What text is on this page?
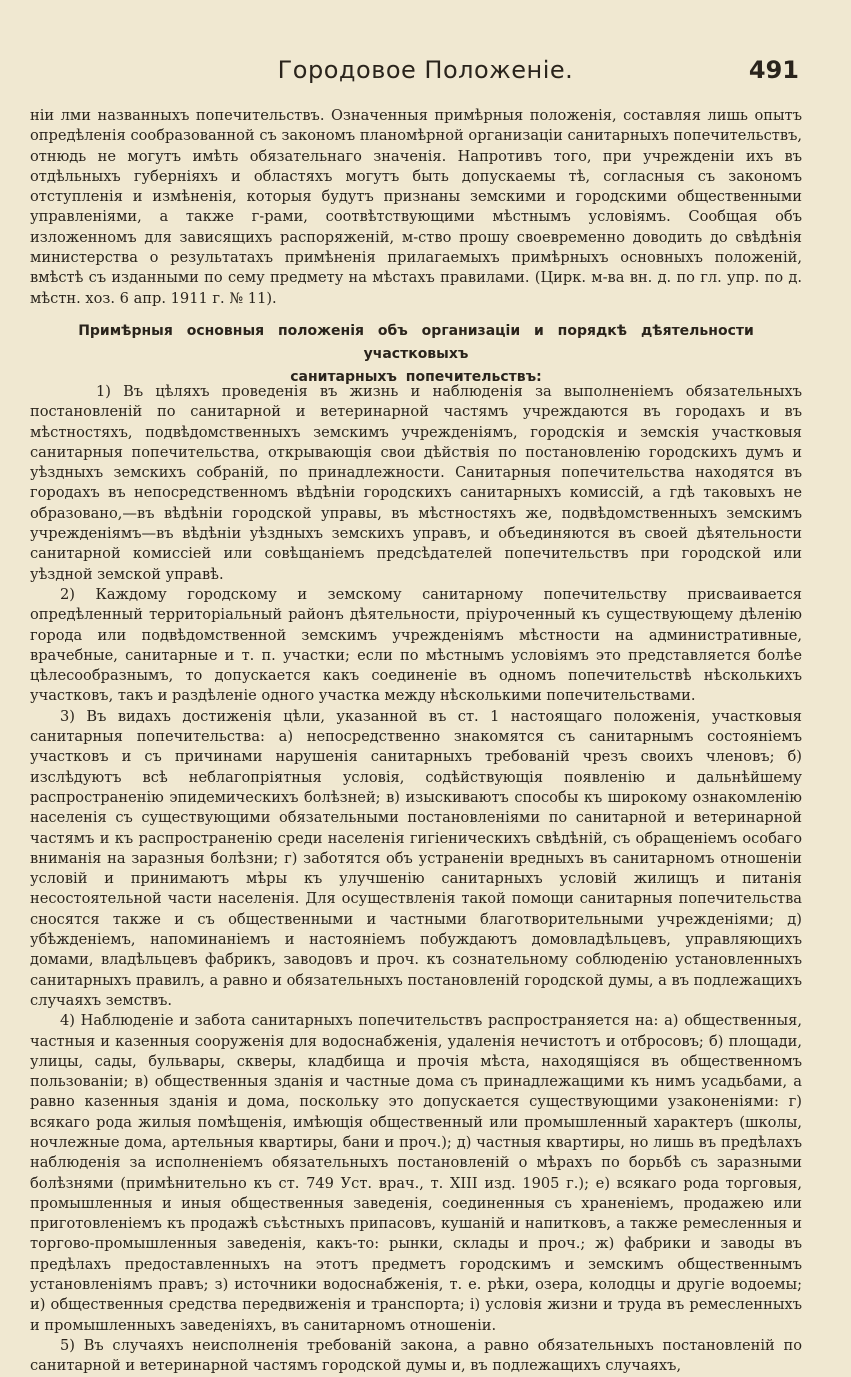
Городовое Положеніе.	491

ніи лми названныхъ попечительствъ. Означенныя примѣрныя положенія, составляя лишь опытъ опредѣленія сообразованной съ закономъ планомѣрной организаціи санитарныхъ попечительствъ, отнюдь не могутъ имѣть обязательнаго значенія. Напротивъ того, при учрежденіи ихъ въ отдѣльныхъ губерніяхъ и областяхъ могутъ быть допускаемы тѣ, согласныя съ закономъ отступленія и измѣненія, которыя будутъ признаны земскими и городскими общественными управленіями, а также г-рами, соотвѣтствующими мѣстнымъ условіямъ. Сообщая объ изложенномъ для зависящихъ распоряженій, м-ство прошу своевременно доводить до свѣдѣнія министерства о результатахъ примѣненія прилагаемыхъ примѣрныхъ основныхъ положеній, вмѣстѣ съ изданными по сему предмету на мѣстахъ правилами. (Цирк. м-ва вн. д. по гл. упр. по д. мѣстн. хоз. 6 апр. 1911 г. № 11).

Примѣрныя основныя положенія объ организаціи и порядкѣ дѣятельности участковыхъ
санитарныхъ попечительствъ:

1) Въ цѣляхъ проведенія въ жизнь и наблюденія за выполненіемъ обязательныхъ постановленій по санитарной и ветеринарной частямъ учреждаются въ городахъ и въ мѣстностяхъ, подвѣдомственныхъ земскимъ учрежденіямъ, городскія и земскія участковыя санитарныя попечительства, открывающія свои дѣйствія по постановленію городскихъ думъ и уѣздныхъ земскихъ собраній, по принадлежности. Санитарныя попечительства находятся въ городахъ въ непосредственномъ вѣдѣніи городскихъ санитарныхъ комиссій, а гдѣ таковыхъ не образовано,—въ вѣдѣніи городской управы, въ мѣстностяхъ же, подвѣдомственныхъ земскимъ учрежденіямъ—въ вѣдѣніи уѣздныхъ земскихъ управъ, и объединяются въ своей дѣятельности санитарной комиссіей или совѣщаніемъ предсѣдателей попечительствъ при городской или уѣздной земской управѣ.

2) Каждому городскому и земскому санитарному попечительству присваивается опредѣленный территоріальный районъ дѣятельности, пріуроченный къ существующему дѣленію города или подвѣдомственной земскимъ учрежденіямъ мѣстности на административные, врачебные, санитарные и т. п. участки; если по мѣстнымъ условіямъ это представляется болѣе цѣлесообразнымъ, то допускается какъ соединеніе въ одномъ попечительствѣ нѣсколькихъ участковъ, такъ и раздѣленіе одного участка между нѣсколькими попечительствами.

3) Въ видахъ достиженія цѣли, указанной въ ст. 1 настоящаго положенія, участковыя санитарныя попечительства: а) непосредственно знакомятся съ санитарнымъ состояніемъ участковъ и съ причинами нарушенія санитарныхъ требованій чрезъ своихъ членовъ; б) изслѣдуютъ всѣ неблагопріятныя условія, содѣйствующія появленію и дальнѣйшему распространенію эпидемическихъ болѣзней; в) изыскиваютъ способы къ широкому ознакомленію населенія съ существующими обязательными постановленіями по санитарной и ветеринарной частямъ и къ распространенію среди населенія гигіеническихъ свѣдѣній, съ обращеніемъ особаго вниманія на заразныя болѣзни; г) заботятся объ устраненіи вредныхъ въ санитарномъ отношеніи условій и принимаютъ мѣры къ улучшенію санитарныхъ условій жилищъ и питанія несостоятельной части населенія. Для осуществленія такой помощи санитарныя попечительства сносятся также и съ общественными и частными благотворительными учрежденіями; д) убѣжденіемъ, напоминаніемъ и настояніемъ побуждаютъ домовладѣльцевъ, управляющихъ домами, владѣльцевъ фабрикъ, заводовъ и проч. къ сознательному соблюденію установленныхъ санитарныхъ правилъ, а равно и обязательныхъ постановленій городской думы, а въ подлежащихъ случаяхъ земствъ.

4) Наблюденіе и забота санитарныхъ попечительствъ распространяется на: а) общественныя, частныя и казенныя сооруженія для водоснабженія, удаленія нечистотъ и отбросовъ; б) площади, улицы, сады, бульвары, скверы, кладбища и прочія мѣста, находящіяся въ общественномъ пользованіи; в) общественныя зданія и частные дома съ принадлежащими къ нимъ усадьбами, а равно казенныя зданія и дома, поскольку это допускается существующими узаконеніями: г) всякаго рода жилыя помѣщенія, имѣющія общественный или промышленный характеръ (школы, ночлежные дома, артельныя квартиры, бани и проч.); д) частныя квартиры, но лишь въ предѣлахъ наблюденія за исполненіемъ обязательныхъ постановленій о мѣрахъ по борьбѣ съ заразными болѣзнями (примѣнительно къ ст. 749 Уст. врач., т. XIII изд. 1905 г.); е) всякаго рода торговыя, промышленныя и иныя общественныя заведенія, соединенныя съ храненіемъ, продажею или приготовленіемъ къ продажѣ съѣстныхъ припасовъ, кушаній и напитковъ, а также ремесленныя и торгово-промышленныя заведенія, какъ-то: рынки, склады и проч.; ж) фабрики и заводы въ предѣлахъ предоставленныхъ на этотъ предметъ городскимъ и земскимъ общественнымъ установленіямъ правъ; з) источники водоснабженія, т. е. рѣки, озера, колодцы и другіе водоемы; и) общественныя средства передвиженія и транспорта; і) условія жизни и труда въ ремесленныхъ и промышленныхъ заведеніяхъ, въ санитарномъ отношеніи.

5) Въ случаяхъ неисполненія требованій закона, а равно обязательныхъ постановленій по санитарной и ветеринарной частямъ городской думы и, въ подлежащихъ случаяхъ,
